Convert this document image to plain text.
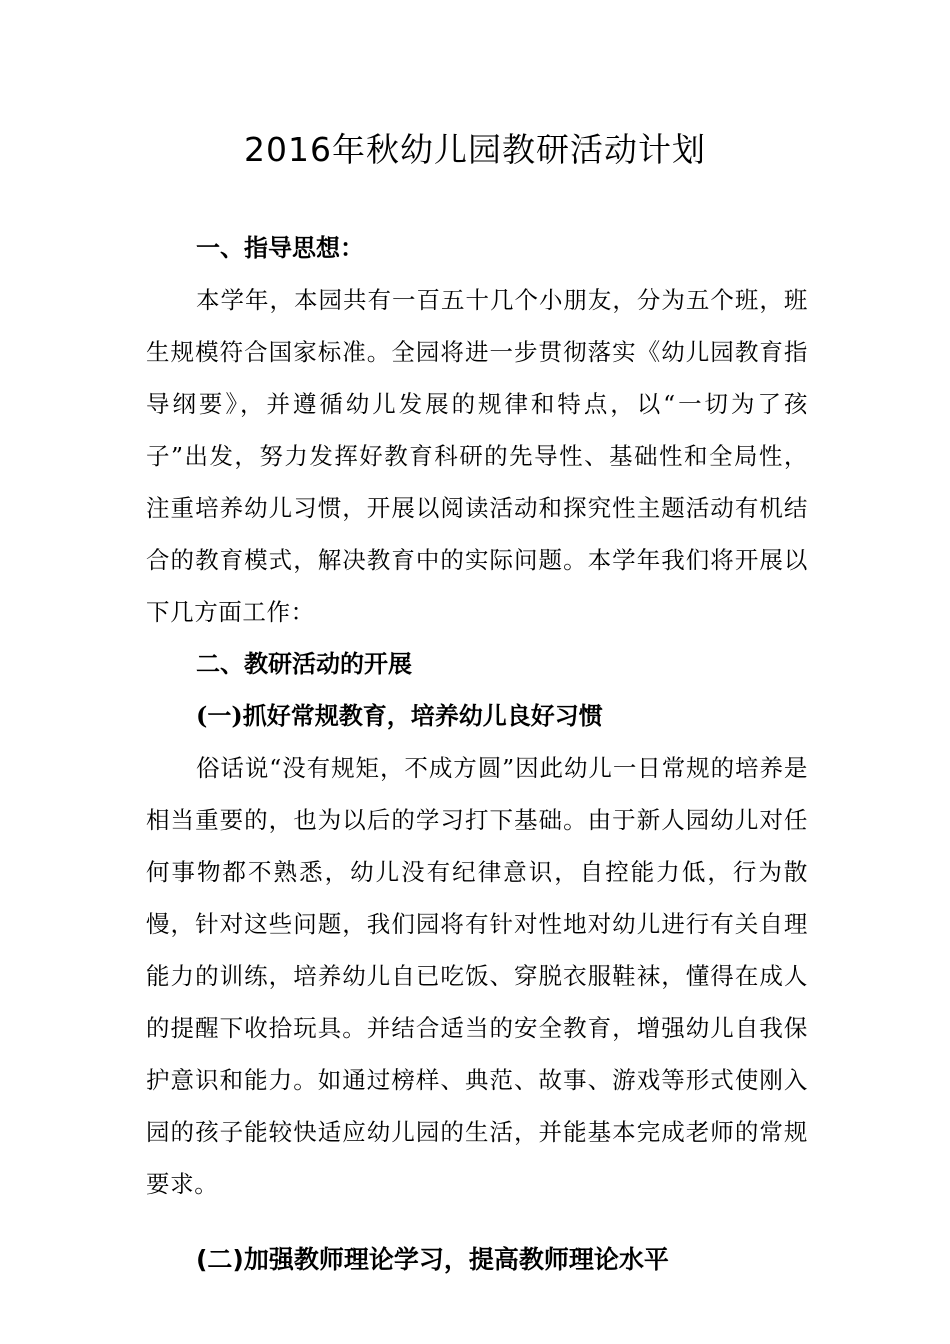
2016年秋幼儿园教研活动计划
一、指导思想：

本学年，本园共有一百五十几个小朋友，分为五个班，班生规模符合国家标准。全园将进一步贯彻落实《幼儿园教育指导纲要》，并遵循幼儿发展的规律和特点，以“一切为了孩子”出发，努力发挥好教育科研的先导性、基础性和全局性，注重培养幼儿习惯，开展以阅读活动和探究性主题活动有机结合的教育模式，解决教育中的实际问题。本学年我们将开展以下几方面工作：

二、教研活动的开展
(一)抓好常规教育，培养幼儿良好习惯

俗话说“没有规矩，不成方圆”因此幼儿一日常规的培养是相当重要的，也为以后的学习打下基础。由于新人园幼儿对任何事物都不熟悉，幼儿没有纪律意识，自控能力低，行为散慢，针对这些问题，我们园将有针对性地对幼儿进行有关自理能力的训练，培养幼儿自已吃饭、穿脱衣服鞋袜，懂得在成人的提醒下收拾玩具。并结合适当的安全教育，增强幼儿自我保护意识和能力。如通过榜样、典范、故事、游戏等形式使刚入园的孩子能较快适应幼儿园的生活，并能基本完成老师的常规要求。

(二)加强教师理论学习，提高教师理论水平
